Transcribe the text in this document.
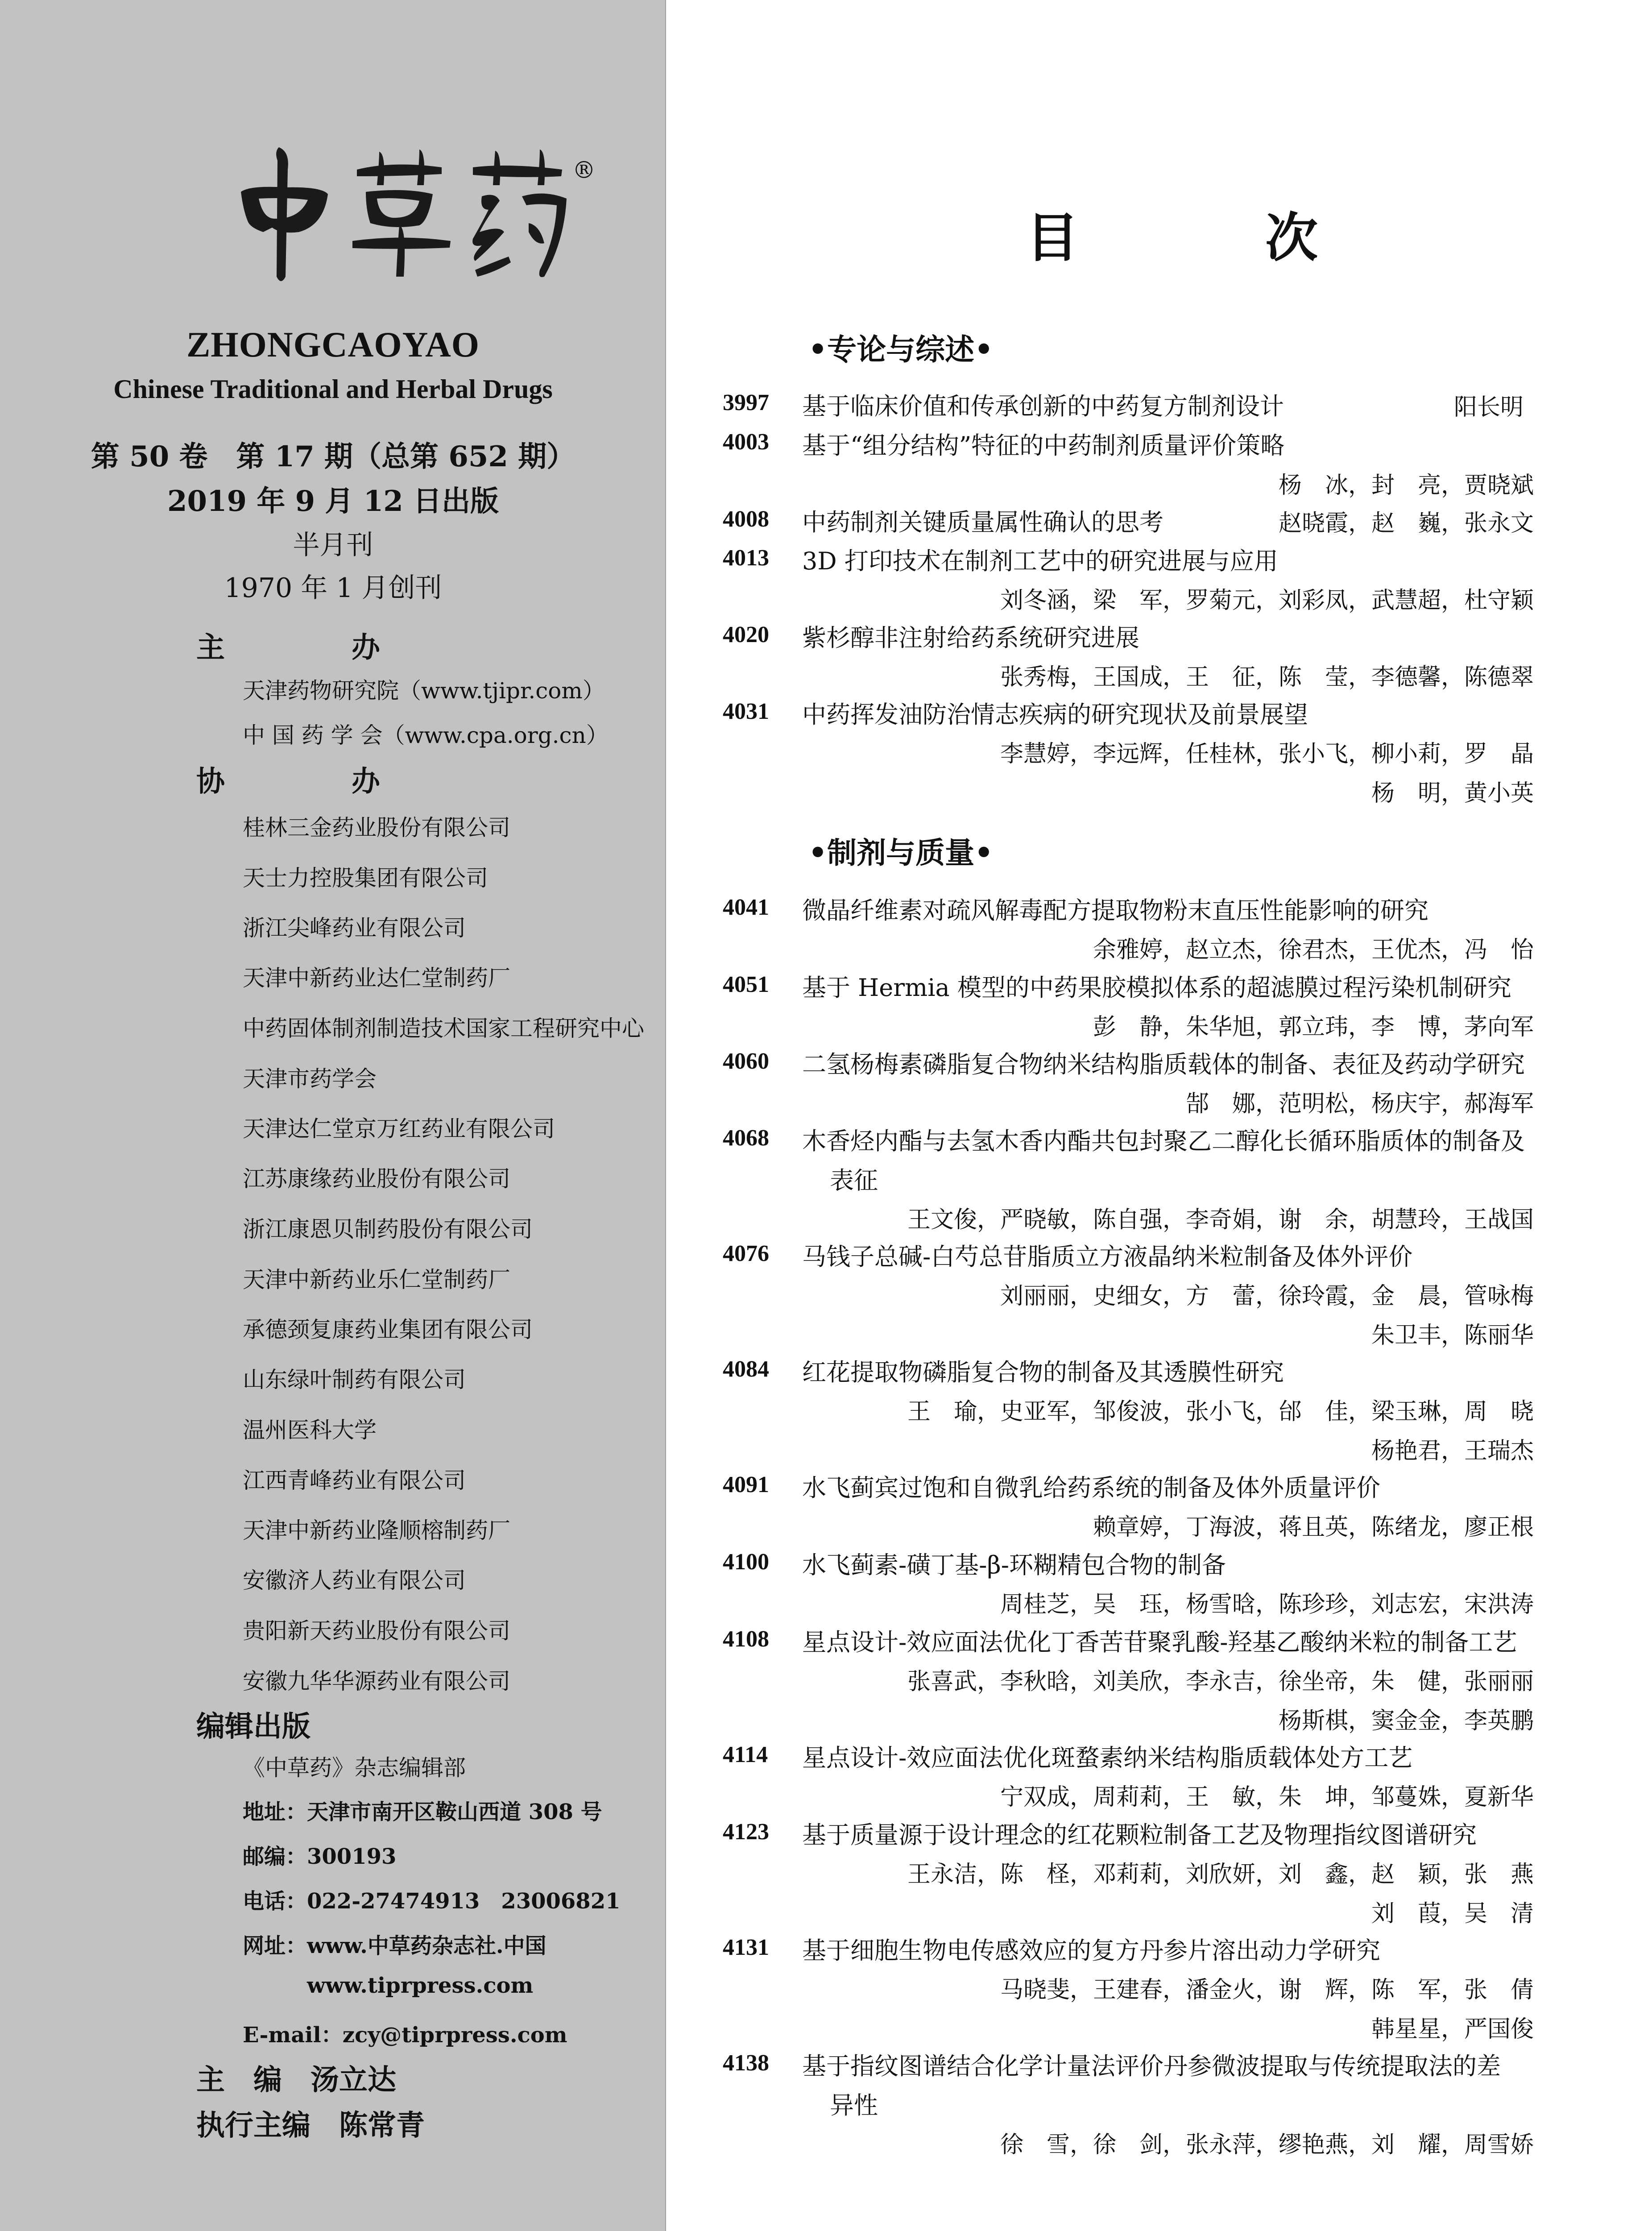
®
ZHONGCAOYAO
Chinese Traditional and Herbal Drugs
第 50 卷　第 17 期（总第 652 期）
2019 年 9 月 12 日出版
半月刊
1970 年 1 月创刊
主　办
天津药物研究院（www.tjipr.com）
中 国 药 学 会（www.cpa.org.cn）
协　办
桂林三金药业股份有限公司
天士力控股集团有限公司
浙江尖峰药业有限公司
天津中新药业达仁堂制药厂
中药固体制剂制造技术国家工程研究中心
天津市药学会
天津达仁堂京万红药业有限公司
江苏康缘药业股份有限公司
浙江康恩贝制药股份有限公司
天津中新药业乐仁堂制药厂
承德颈复康药业集团有限公司
山东绿叶制药有限公司
温州医科大学
江西青峰药业有限公司
天津中新药业隆顺榕制药厂
安徽济人药业有限公司
贵阳新天药业股份有限公司
安徽九华华源药业有限公司
编辑出版
《中草药》杂志编辑部
地址：天津市南开区鞍山西道 308 号
邮编：300193
电话：022-27474913　23006821
网址：www.中草药杂志社.中国
www.tiprpress.com
E-mail：zcy@tiprpress.com
主　编　汤立达
执行主编　陈常青
目　次
•专论与综述•
3997 基于临床价值和传承创新的中药复方制剂设计	阳长明
4003 基于“组分结构”特征的中药制剂质量评价策略
杨　冰，封　亮，贾晓斌
4008 中药制剂关键质量属性确认的思考	赵晓霞，赵　巍，张永文
4013 3D 打印技术在制剂工艺中的研究进展与应用
刘冬涵，梁　军，罗菊元，刘彩凤，武慧超，杜守颖
4020 紫杉醇非注射给药系统研究进展
张秀梅，王国成，王　征，陈　莹，李德馨，陈德翠
4031 中药挥发油防治情志疾病的研究现状及前景展望
李慧婷，李远辉，任桂林，张小飞，柳小莉，罗　晶
杨　明，黄小英
•制剂与质量•
4041 微晶纤维素对疏风解毒配方提取物粉末直压性能影响的研究
余雅婷，赵立杰，徐君杰，王优杰，冯　怡
4051 基于 Hermia 模型的中药果胶模拟体系的超滤膜过程污染机制研究
彭　静，朱华旭，郭立玮，李　博，茅向军
4060 二氢杨梅素磷脂复合物纳米结构脂质载体的制备、表征及药动学研究
郜　娜，范明松，杨庆宇，郝海军
4068 木香烃内酯与去氢木香内酯共包封聚乙二醇化长循环脂质体的制备及
表征
王文俊，严晓敏，陈自强，李奇娟，谢　余，胡慧玲，王战国
4076 马钱子总碱-白芍总苷脂质立方液晶纳米粒制备及体外评价
刘丽丽，史细女，方　蕾，徐玲霞，金　晨，管咏梅
朱卫丰，陈丽华
4084 红花提取物磷脂复合物的制备及其透膜性研究
王　瑜，史亚军，邹俊波，张小飞，邰　佳，梁玉琳，周　晓
杨艳君，王瑞杰
4091 水飞蓟宾过饱和自微乳给药系统的制备及体外质量评价
赖章婷，丁海波，蒋且英，陈绪龙，廖正根
4100 水飞蓟素-磺丁基-β-环糊精包合物的制备
周桂芝，吴　珏，杨雪晗，陈珍珍，刘志宏，宋洪涛
4108 星点设计-效应面法优化丁香苦苷聚乳酸-羟基乙酸纳米粒的制备工艺
张喜武，李秋晗，刘美欣，李永吉，徐坐帝，朱　健，张丽丽
杨斯棋，窦金金，李英鹏
4114 星点设计-效应面法优化斑蝥素纳米结构脂质载体处方工艺
宁双成，周莉莉，王　敏，朱　坤，邹蔓姝，夏新华
4123 基于质量源于设计理念的红花颗粒制备工艺及物理指纹图谱研究
王永洁，陈　柽，邓莉莉，刘欣妍，刘　鑫，赵　颖，张　燕
刘　葭，吴　清
4131 基于细胞生物电传感效应的复方丹参片溶出动力学研究
马晓斐，王建春，潘金火，谢　辉，陈　军，张　倩
韩星星，严国俊
4138 基于指纹图谱结合化学计量法评价丹参微波提取与传统提取法的差
异性
徐　雪，徐　剑，张永萍，缪艳燕，刘　耀，周雪娇
